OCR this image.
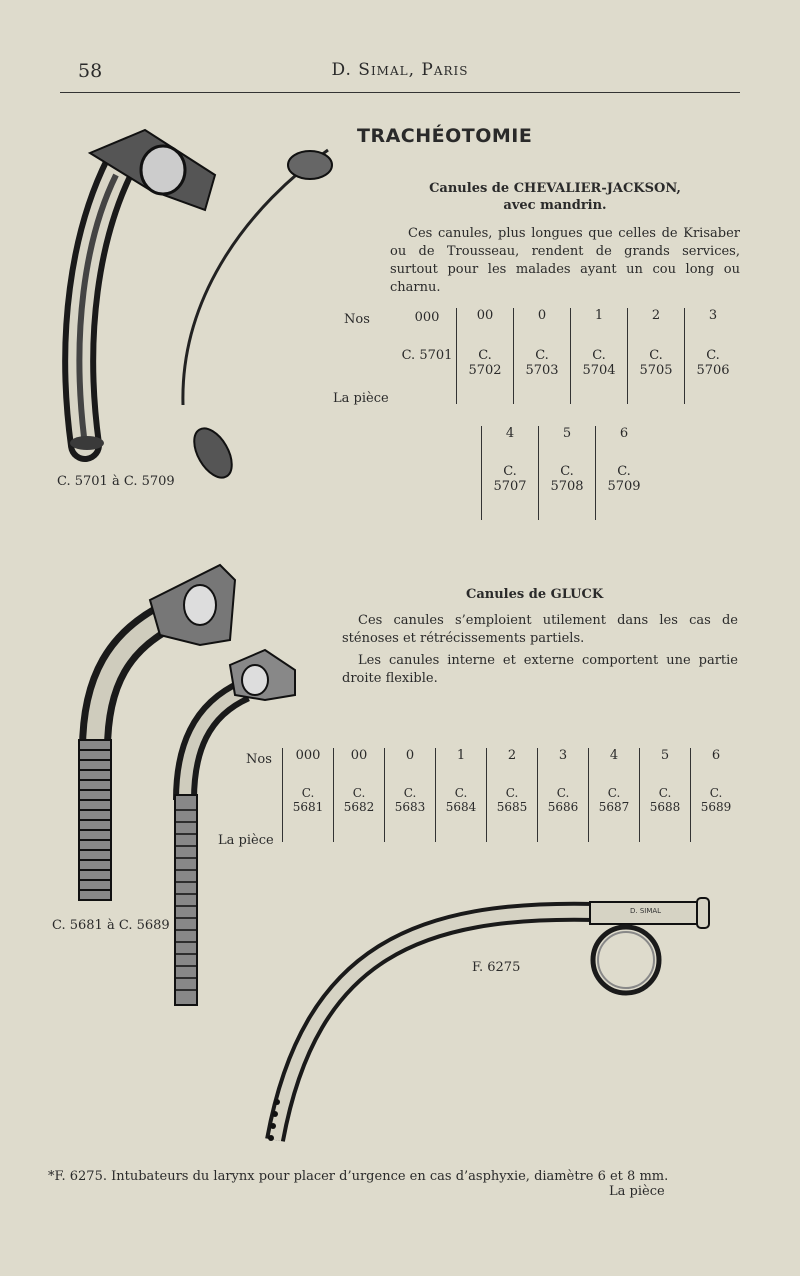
58	D. Simal, Paris
TRACHÉOTOMIE
Canules de CHEVALIER-JACKSON,
avec mandrin.
Ces canules, plus longues que celles de Krisaber ou de Trousseau, rendent de grands services, surtout pour les malades ayant un cou long ou charnu.
Nos
La pièce
000	00	0	1	2	3
C. 5701	C. 5702	C. 5703	C. 5704	C. 5705	C. 5706
4	5	6
C. 5707	C. 5708	C. 5709
C. 5701 à C. 5709
Canules de GLUCK
Ces canules s’emploient utilement dans les cas de sténoses et rétrécissements partiels.
Les canules interne et externe comportent une partie droite flexible.
Nos
La pièce
000	00	0	1	2	3	4	5	6
C. 5681	C. 5682	C. 5683	C. 5684	C. 5685	C. 5686	C. 5687	C. 5688	C. 5689
C. 5681 à C. 5689
D. SIMAL
F. 6275
*F. 6275. Intubateurs du larynx pour placer d’urgence en cas d’asphyxie, diamètre 6 et 8 mm.
La pièce
